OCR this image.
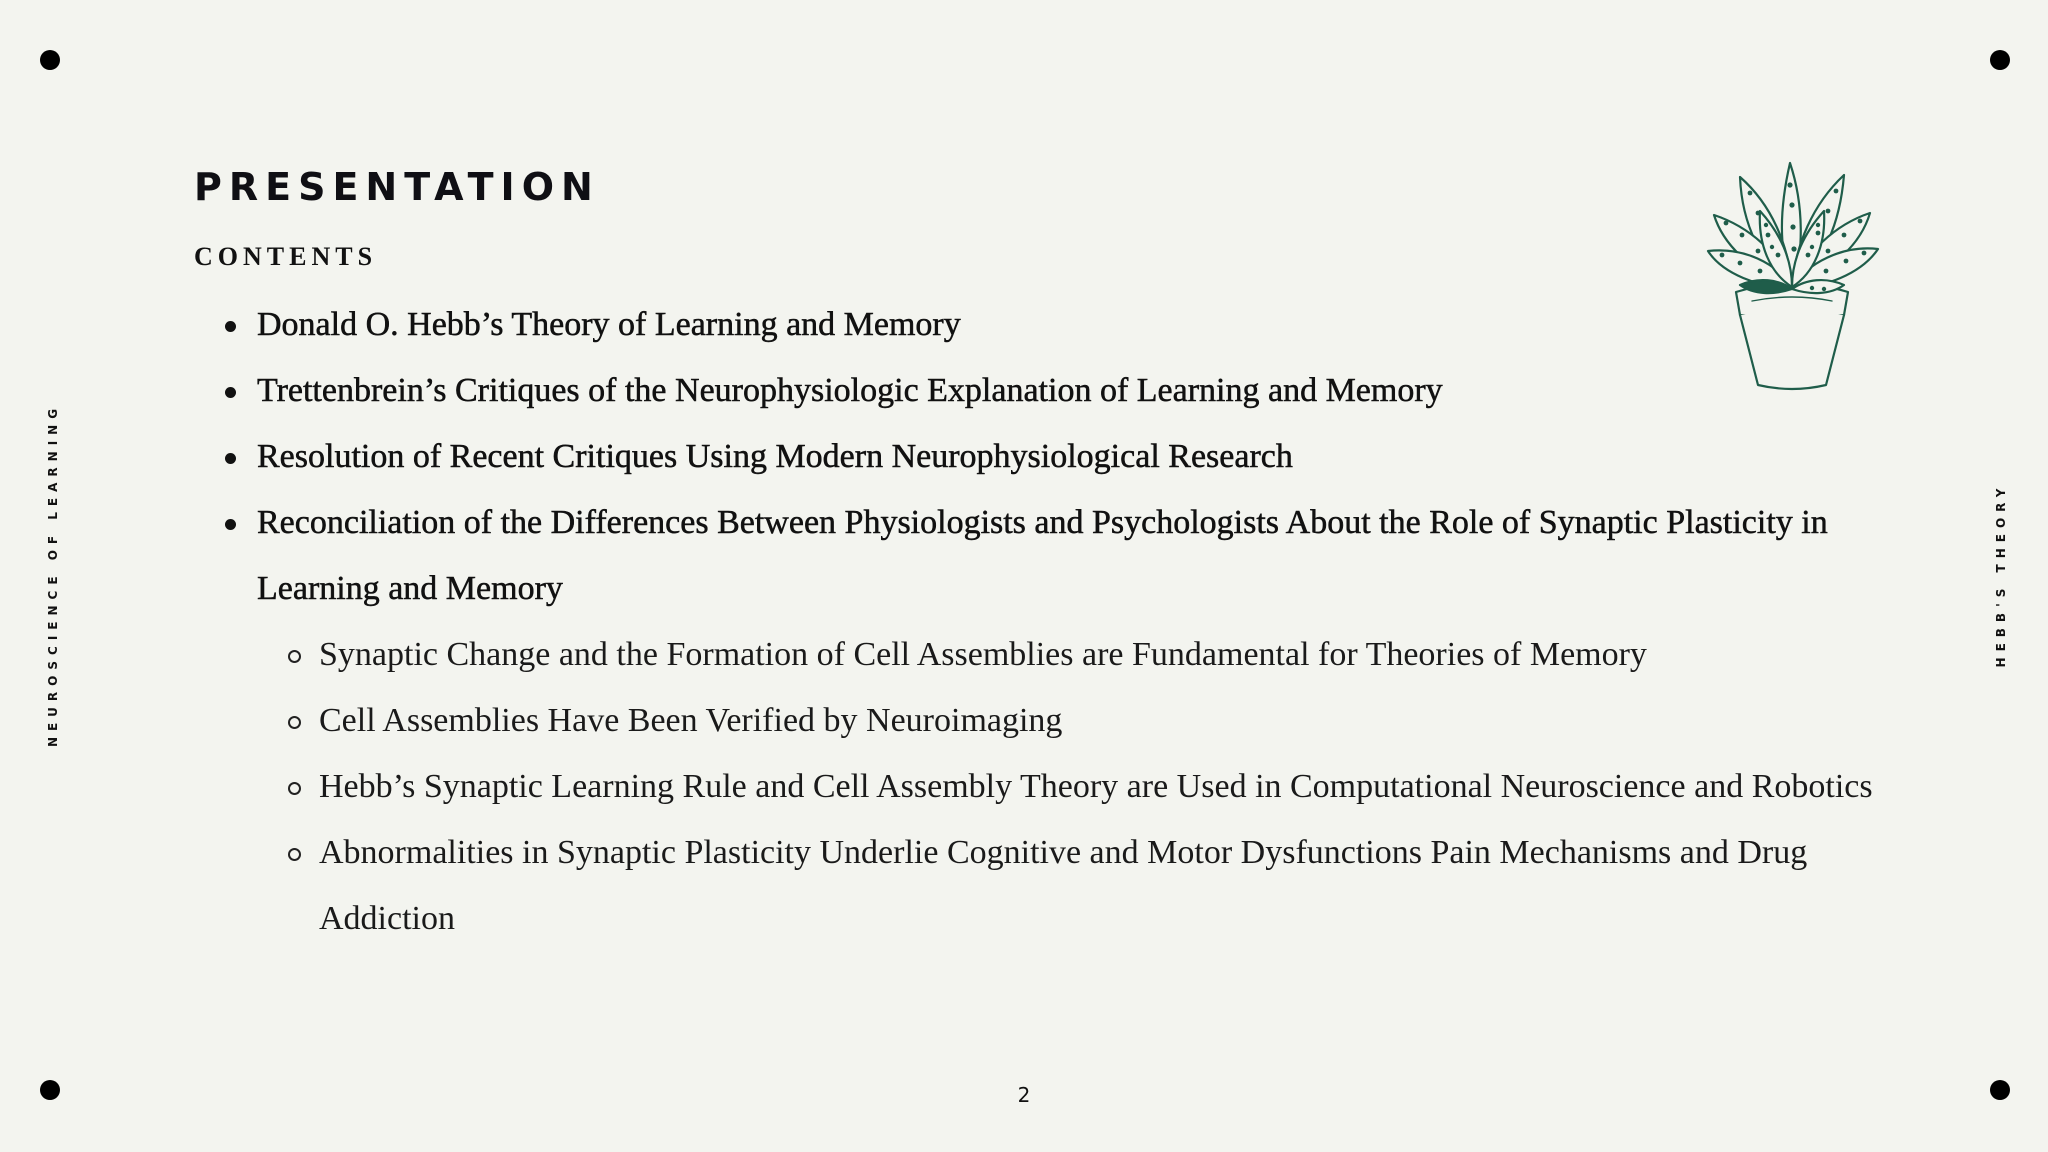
NEUROSCIENCE OF LEARNING	HEBB'S THEORY
PRESENTATION
CONTENTS
Donald O. Hebb’s Theory of Learning and Memory
Trettenbrein’s Critiques of the Neurophysiologic Explanation of Learning and Memory
Resolution of Recent Critiques Using Modern Neurophysiological Research
Reconciliation of the Differences Between Physiologists and Psychologists About the Role of Synaptic Plasticity in Learning and Memory
Synaptic Change and the Formation of Cell Assemblies are Fundamental for Theories of Memory
Cell Assemblies Have Been Verified by Neuroimaging
Hebb’s Synaptic Learning Rule and Cell Assembly Theory are Used in Computational Neuroscience and Robotics
Abnormalities in Synaptic Plasticity Underlie Cognitive and Motor Dysfunctions Pain Mechanisms and Drug Addiction
2
